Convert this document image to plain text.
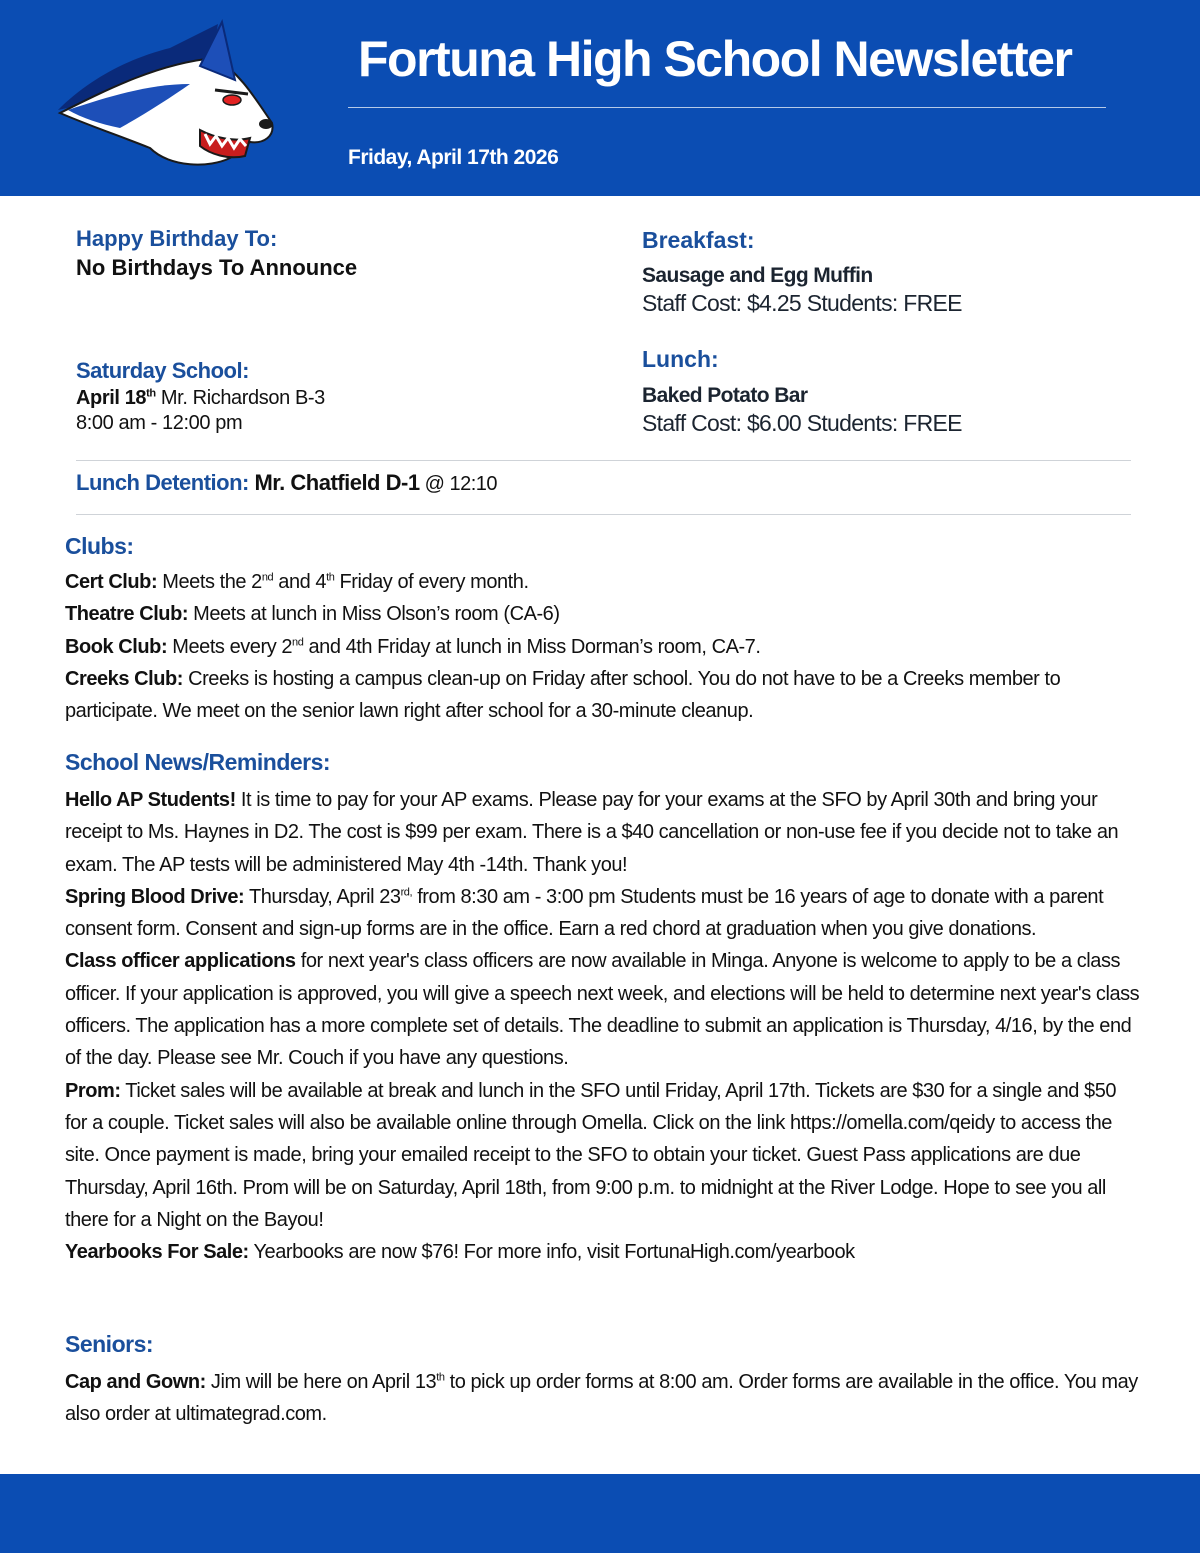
Fortuna High School Newsletter
Friday, April 17th 2026
Happy Birthday To:
No Birthdays To Announce
Saturday School:
April 18th Mr. Richardson B-3
8:00 am - 12:00 pm
Lunch Detention: Mr. Chatfield D-1 @ 12:10
Breakfast:
Sausage and Egg Muffin
Staff Cost: $4.25 Students: FREE
Lunch:
Baked Potato Bar
Staff Cost: $6.00 Students: FREE
Clubs:

Cert Club: Meets the 2nd and 4th Friday of every month.

Theatre Club: Meets at lunch in Miss Olson’s room (CA-6)

Book Club: Meets every 2nd and 4th Friday at lunch in Miss Dorman’s room, CA-7.

Creeks Club: Creeks is hosting a campus clean-up on Friday after school. You do not have to be a Creeks member to participate. We meet on the senior lawn right after school for a 30-minute cleanup.

School News/Reminders:

Hello AP Students! It is time to pay for your AP exams. Please pay for your exams at the SFO by April 30th and bring your receipt to Ms. Haynes in D2. The cost is $99 per exam. There is a $40 cancellation or non-use fee if you decide not to take an exam. The AP tests will be administered May 4th -14th. Thank you!

Spring Blood Drive: Thursday, April $23^{rd,}$ from 8:30 am - 3:00 pm Students must be 16 years of age to donate with a parent consent form. Consent and sign-up forms are in the office. Earn a red chord at graduation when you give donations.

Class officer applications for next year's class officers are now available in Minga. Anyone is welcome to apply to be a class officer. If your application is approved, you will give a speech next week, and elections will be held to determine next year's class officers. The application has a more complete set of details. The deadline to submit an application is Thursday, 4/16, by the end of the day. Please see Mr. Couch if you have any questions.

Prom: Ticket sales will be available at break and lunch in the SFO until Friday, April 17th. Tickets are $30 for a single and $50 for a couple. Ticket sales will also be available online through Omella. Click on the link https://omella.com/qeidy to access the site. Once payment is made, bring your emailed receipt to the SFO to obtain your ticket. Guest Pass applications are due Thursday, April 16th. Prom will be on Saturday, April 18th, from 9:00 p.m. to midnight at the River Lodge. Hope to see you all there for a Night on the Bayou!

Yearbooks For Sale: Yearbooks are now $76! For more info, visit FortunaHigh.com/yearbook

Seniors:

Cap and Gown: Jim will be here on April 13th to pick up order forms at 8:00 am. Order forms are available in the office. You may also order at ultimategrad.com.
